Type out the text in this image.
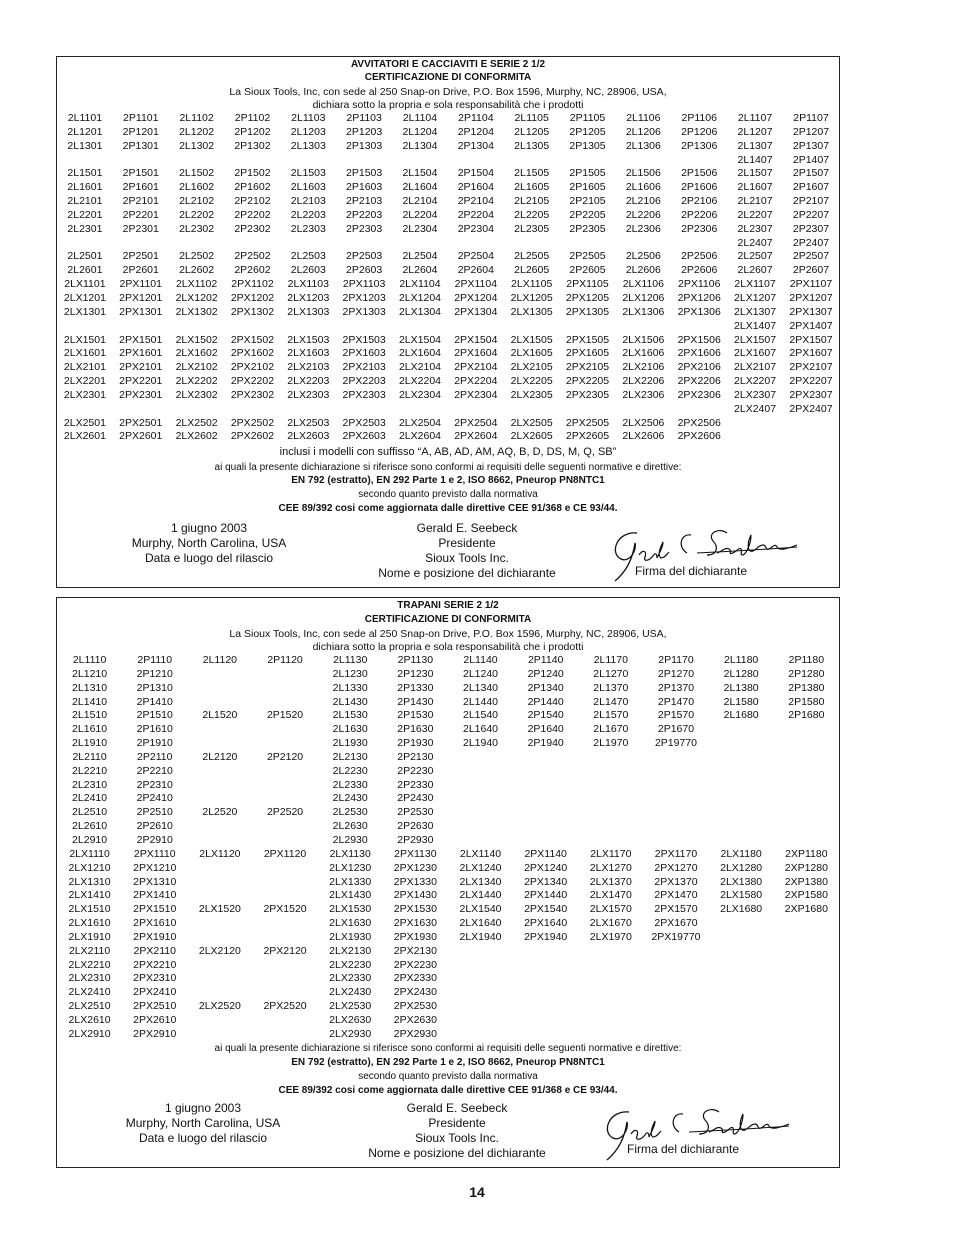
AVVITATORI E CACCIAVITI E SERIE 2 1/2
CERTIFICAZIONE DI CONFORMITA
La Sioux Tools, Inc, con sede al 250 Snap-on Drive, P.O. Box 1596, Murphy, NC, 28906, USA,
dichiara sotto la propria e sola responsabilità che i prodotti
2L1101	2P1101	2L1102	2P1102	2L1103	2P1103	2L1104	2P1104	2L1105	2P1105	2L1106	2P1106	2L1107	2P1107
2L1201	2P1201	2L1202	2P1202	2L1203	2P1203	2L1204	2P1204	2L1205	2P1205	2L1206	2P1206	2L1207	2P1207
2L1301	2P1301	2L1302	2P1302	2L1303	2P1303	2L1304	2P1304	2L1305	2P1305	2L1306	2P1306	2L1307	2P1307
												2L1407	2P1407
2L1501	2P1501	2L1502	2P1502	2L1503	2P1503	2L1504	2P1504	2L1505	2P1505	2L1506	2P1506	2L1507	2P1507
2L1601	2P1601	2L1602	2P1602	2L1603	2P1603	2L1604	2P1604	2L1605	2P1605	2L1606	2P1606	2L1607	2P1607
2L2101	2P2101	2L2102	2P2102	2L2103	2P2103	2L2104	2P2104	2L2105	2P2105	2L2106	2P2106	2L2107	2P2107
2L2201	2P2201	2L2202	2P2202	2L2203	2P2203	2L2204	2P2204	2L2205	2P2205	2L2206	2P2206	2L2207	2P2207
2L2301	2P2301	2L2302	2P2302	2L2303	2P2303	2L2304	2P2304	2L2305	2P2305	2L2306	2P2306	2L2307	2P2307
												2L2407	2P2407
2L2501	2P2501	2L2502	2P2502	2L2503	2P2503	2L2504	2P2504	2L2505	2P2505	2L2506	2P2506	2L2507	2P2507
2L2601	2P2601	2L2602	2P2602	2L2603	2P2603	2L2604	2P2604	2L2605	2P2605	2L2606	2P2606	2L2607	2P2607
2LX1101	2PX1101	2LX1102	2PX1102	2LX1103	2PX1103	2LX1104	2PX1104	2LX1105	2PX1105	2LX1106	2PX1106	2LX1107	2PX1107
2LX1201	2PX1201	2LX1202	2PX1202	2LX1203	2PX1203	2LX1204	2PX1204	2LX1205	2PX1205	2LX1206	2PX1206	2LX1207	2PX1207
2LX1301	2PX1301	2LX1302	2PX1302	2LX1303	2PX1303	2LX1304	2PX1304	2LX1305	2PX1305	2LX1306	2PX1306	2LX1307	2PX1307
												2LX1407	2PX1407
2LX1501	2PX1501	2LX1502	2PX1502	2LX1503	2PX1503	2LX1504	2PX1504	2LX1505	2PX1505	2LX1506	2PX1506	2LX1507	2PX1507
2LX1601	2PX1601	2LX1602	2PX1602	2LX1603	2PX1603	2LX1604	2PX1604	2LX1605	2PX1605	2LX1606	2PX1606	2LX1607	2PX1607
2LX2101	2PX2101	2LX2102	2PX2102	2LX2103	2PX2103	2LX2104	2PX2104	2LX2105	2PX2105	2LX2106	2PX2106	2LX2107	2PX2107
2LX2201	2PX2201	2LX2202	2PX2202	2LX2203	2PX2203	2LX2204	2PX2204	2LX2205	2PX2205	2LX2206	2PX2206	2LX2207	2PX2207
2LX2301	2PX2301	2LX2302	2PX2302	2LX2303	2PX2303	2LX2304	2PX2304	2LX2305	2PX2305	2LX2306	2PX2306	2LX2307	2PX2307
												2LX2407	2PX2407
2LX2501	2PX2501	2LX2502	2PX2502	2LX2503	2PX2503	2LX2504	2PX2504	2LX2505	2PX2505	2LX2506	2PX2506		
2LX2601	2PX2601	2LX2602	2PX2602	2LX2603	2PX2603	2LX2604	2PX2604	2LX2605	2PX2605	2LX2606	2PX2606		
inclusi i modelli con suffisso “A, AB, AD, AM, AQ, B, D, DS, M, Q, SB”
ai quali la presente dichiarazione si riferisce sono conformi ai requisiti delle seguenti normative e direttive:
EN 792 (estratto), EN 292 Parte 1 e 2, ISO 8662, Pneurop PN8NTC1
secondo quanto previsto dalla normativa
CEE 89/392 cosi come aggiornata dalle direttive CEE 91/368 e CE 93/44.
1 giugno 2003
Murphy, North Carolina, USA
Data e luogo del rilascio
Gerald E. Seebeck
Presidente
Sioux Tools Inc.
Nome e posizione del dichiarante	Firma del dichiarante
TRAPANI SERIE 2 1/2
CERTIFICAZIONE DI CONFORMITA
La Sioux Tools, Inc, con sede al 250 Snap-on Drive, P.O. Box 1596, Murphy, NC, 28906, USA,
dichiara sotto la propria e sola responsabilità che i prodotti
2L1110	2P1110	2L1120	2P1120	2L1130	2P1130	2L1140	2P1140	2L1170	2P1170	2L1180	2P1180
2L1210	2P1210			2L1230	2P1230	2L1240	2P1240	2L1270	2P1270	2L1280	2P1280
2L1310	2P1310			2L1330	2P1330	2L1340	2P1340	2L1370	2P1370	2L1380	2P1380
2L1410	2P1410			2L1430	2P1430	2L1440	2P1440	2L1470	2P1470	2L1580	2P1580
2L1510	2P1510	2L1520	2P1520	2L1530	2P1530	2L1540	2P1540	2L1570	2P1570	2L1680	2P1680
2L1610	2P1610			2L1630	2P1630	2L1640	2P1640	2L1670	2P1670		
2L1910	2P1910			2L1930	2P1930	2L1940	2P1940	2L1970	2P19770		
2L2110	2P2110	2L2120	2P2120	2L2130	2P2130						
2L2210	2P2210			2L2230	2P2230						
2L2310	2P2310			2L2330	2P2330						
2L2410	2P2410			2L2430	2P2430						
2L2510	2P2510	2L2520	2P2520	2L2530	2P2530						
2L2610	2P2610			2L2630	2P2630						
2L2910	2P2910			2L2930	2P2930						
2LX1110	2PX1110	2LX1120	2PX1120	2LX1130	2PX1130	2LX1140	2PX1140	2LX1170	2PX1170	2LX1180	2XP1180
2LX1210	2PX1210			2LX1230	2PX1230	2LX1240	2PX1240	2LX1270	2PX1270	2LX1280	2XP1280
2LX1310	2PX1310			2LX1330	2PX1330	2LX1340	2PX1340	2LX1370	2PX1370	2LX1380	2XP1380
2LX1410	2PX1410			2LX1430	2PX1430	2LX1440	2PX1440	2LX1470	2PX1470	2LX1580	2XP1580
2LX1510	2PX1510	2LX1520	2PX1520	2LX1530	2PX1530	2LX1540	2PX1540	2LX1570	2PX1570	2LX1680	2XP1680
2LX1610	2PX1610			2LX1630	2PX1630	2LX1640	2PX1640	2LX1670	2PX1670		
2LX1910	2PX1910			2LX1930	2PX1930	2LX1940	2PX1940	2LX1970	2PX19770		
2LX2110	2PX2110	2LX2120	2PX2120	2LX2130	2PX2130						
2LX2210	2PX2210			2LX2230	2PX2230						
2LX2310	2PX2310			2LX2330	2PX2330						
2LX2410	2PX2410			2LX2430	2PX2430						
2LX2510	2PX2510	2LX2520	2PX2520	2LX2530	2PX2530						
2LX2610	2PX2610			2LX2630	2PX2630						
2LX2910	2PX2910			2LX2930	2PX2930						
ai quali la presente dichiarazione si riferisce sono conformi ai requisiti delle seguenti normative e direttive:
EN 792 (estratto), EN 292 Parte 1 e 2, ISO 8662, Pneurop PN8NTC1
secondo quanto previsto dalla normativa
CEE 89/392 cosi come aggiornata dalle direttive CEE 91/368 e CE 93/44.
1 giugno 2003
Murphy, North Carolina, USA
Data e luogo del rilascio
Gerald E. Seebeck
Presidente
Sioux Tools Inc.
Nome e posizione del dichiarante	Firma del dichiarante
14
